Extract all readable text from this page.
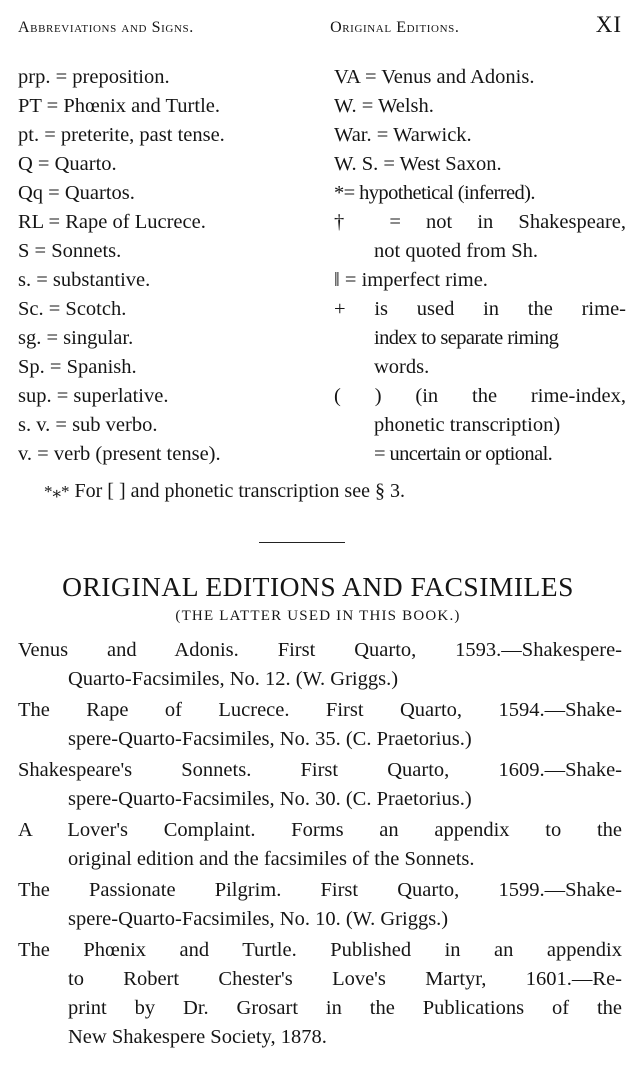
Abbreviations and Signs.	Original Editions.	XI
prp. = preposition.
PT = Phœnix and Turtle.
pt. = preterite, past tense.
Q = Quarto.
Qq = Quartos.
RL = Rape of Lucrece.
S = Sonnets.
s. = substantive.
Sc. = Scotch.
sg. = singular.
Sp. = Spanish.
sup. = superlative.
s. v. = sub verbo.
v. = verb (present tense).
VA = Venus and Adonis.
W. = Welsh.
War. = Warwick.
W. S. = West Saxon.
*= hypothetical (inferred).
† = not in Shakespeare,
not quoted from Sh.
ǁ = imperfect rime.
+ is used in the rime-
index to separate riming
words.
( ) (in the rime-index,
phonetic transcription)
= uncertain or optional.
*⁎* For [ ] and phonetic transcription see § 3.
ORIGINAL EDITIONS AND FACSIMILES
(THE LATTER USED IN THIS BOOK.)
Venus and Adonis. First Quarto, 1593.—Shakespere-
Quarto-Facsimiles, No. 12. (W. Griggs.)
The Rape of Lucrece. First Quarto, 1594.—Shake-
spere-Quarto-Facsimiles, No. 35. (C. Praetorius.)
Shakespeare's Sonnets. First Quarto, 1609.—Shake-
spere-Quarto-Facsimiles, No. 30. (C. Praetorius.)
A Lover's Complaint. Forms an appendix to the
original edition and the facsimiles of the Sonnets.
The Passionate Pilgrim. First Quarto, 1599.—Shake-
spere-Quarto-Facsimiles, No. 10. (W. Griggs.)
The Phœnix and Turtle. Published in an appendix
to Robert Chester's Love's Martyr, 1601.—Re-
print by Dr. Grosart in the Publications of the
New Shakespere Society, 1878.
